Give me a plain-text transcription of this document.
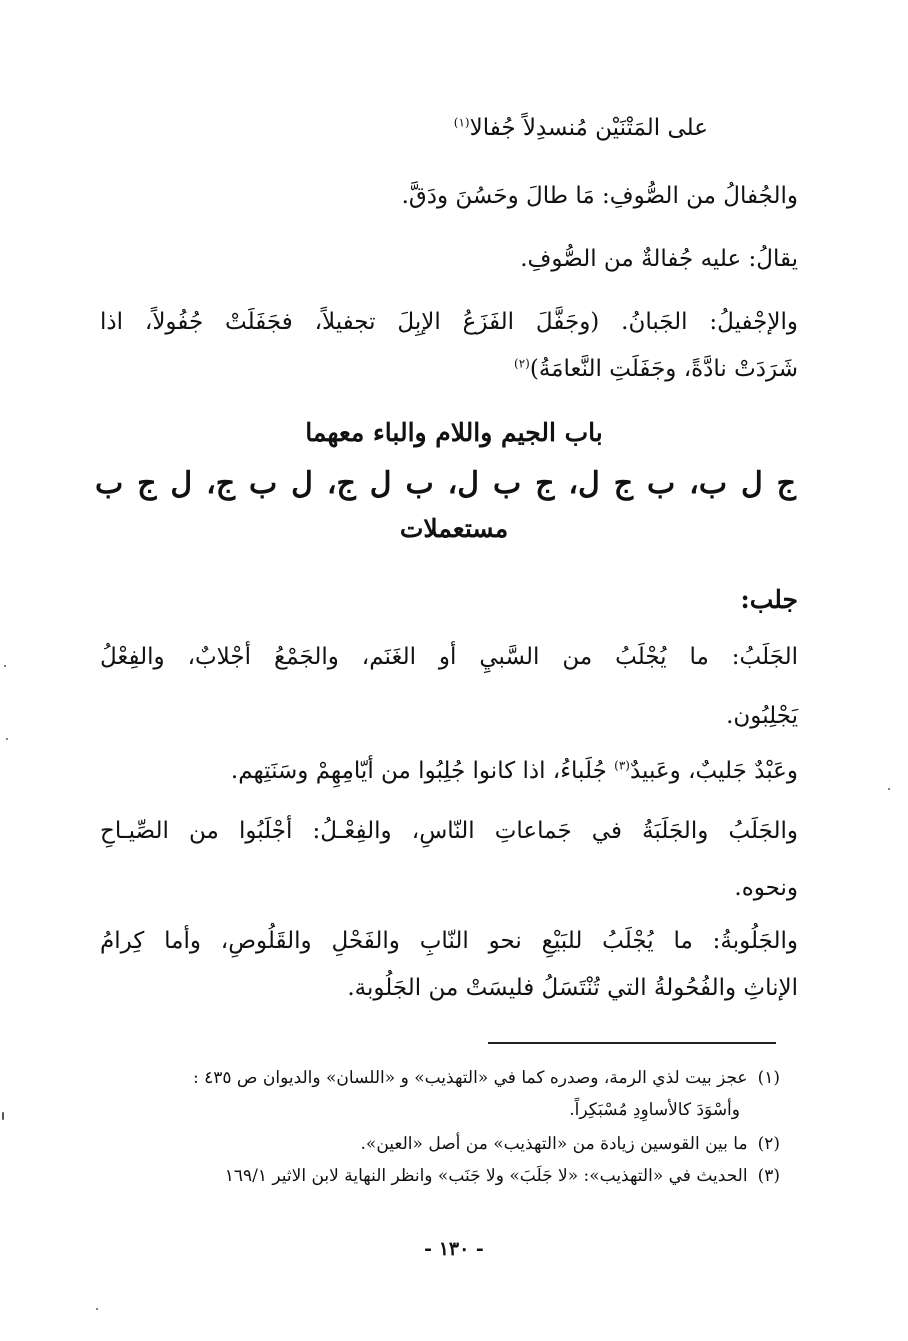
على المَتْنَيْن مُنسدِلاً جُفالا$^{(١)}$
والجُفالُ من الصُّوفِ: مَا طالَ وحَسُنَ ودَقَّ.
يقالُ: عليه جُفالةٌ من الصُّوفِ.
والإجْفيلُ: الجَبانُ. (وجَفَّلَ الفَزَعُ الإبِلَ تجفيلاً، فجَفَلَتْ جُفُولاً، اذا
شَرَدَتْ نادَّةً، وجَفَلَتِ النَّعامَةُ)$^{(٢)}$
باب الجيم واللام والباء معهما
ج ل ب، ب ج ل، ج ب ل، ب ل ج، ل ب ج، ل ج ب
مستعملات
جلب:
الجَلَبُ: ما يُجْلَبُ من السَّبيِ أو الغَنَم، والجَمْعُ أجْلابٌ، والفِعْلُ
يَجْلِبُون.
وعَبْدٌ جَليبٌ، وعَبيدٌ$^{(٣)}$ جُلَباءُ، اذا كانوا جُلِبُوا من أيّامِهِمْ وسَنَتِهم.
والجَلَبُ والجَلَبَةُ في جَماعاتِ النّاسِ، والفِعْـلُ: أجْلَبُوا من الصِّيـاحِ
ونحوه.
والجَلُوبةُ: ما يُجْلَبُ للبَيْعِ نحو النّابِ والفَحْلِ والقَلُوصِ، وأما كِرامُ
الإناثِ والفُحُولةُ التي تُنْتَسَلُ فليسَتْ من الجَلُوبة.
(١)عجز بيت لذي الرمة، وصدره كما في «التهذيب» و «اللسان» والديوان ص ٤٣٥ :
وأسْوَدَ كالأساوِدِ مُسْبَكِراً.
(٢)ما بين القوسين زيادة من «التهذيب» من أصل «العين».
(٣)الحديث في «التهذيب»: «لا جَلَبَ» ولا جَنَب» وانظر النهاية لابن الاثير ١٦٩/١
- ١٣٠ -
